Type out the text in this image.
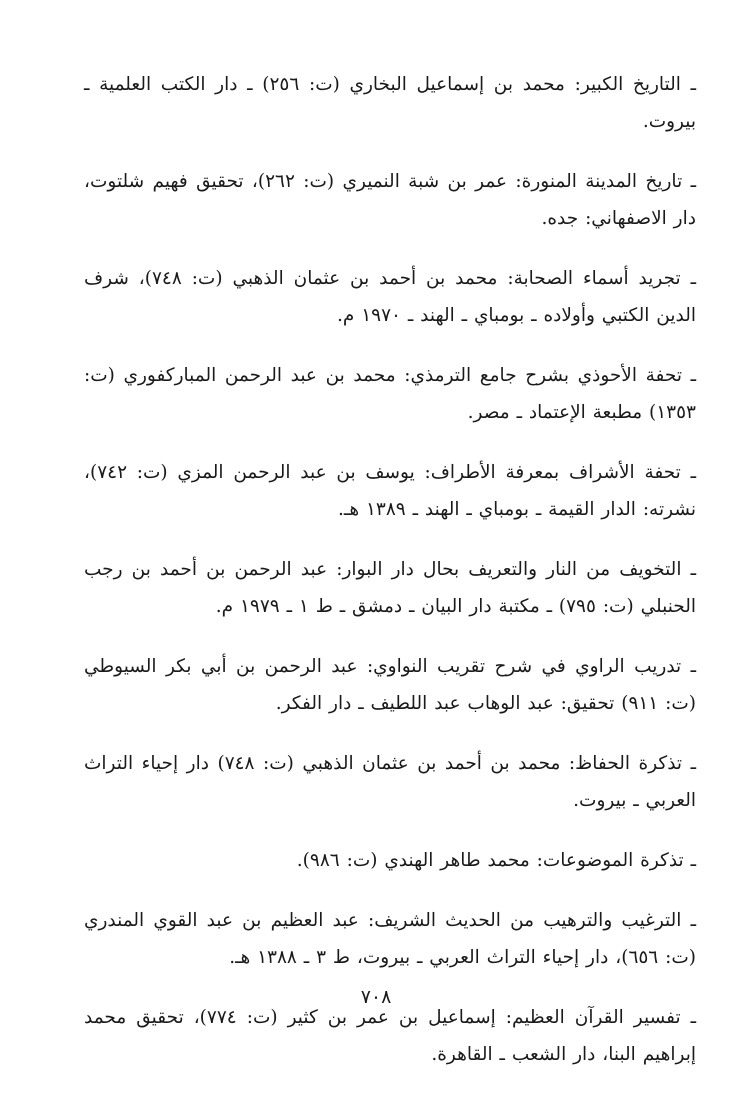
ـ التاريخ الكبير: محمد بن إسماعيل البخاري (ت: ٢٥٦) ـ دار الكتب العلمية ـ بيروت.

ـ تاريخ المدينة المنورة: عمر بن شبة النميري (ت: ٢٦٢)، تحقيق فهيم شلتوت، دار الاصفهاني: جده.

ـ تجريد أسماء الصحابة: محمد بن أحمد بن عثمان الذهبي (ت: ٧٤٨)، شرف الدين الكتبي وأولاده ـ بومباي ـ الهند ـ ١٩٧٠ م.

ـ تحفة الأحوذي بشرح جامع الترمذي: محمد بن عبد الرحمن المباركفوري (ت: ١٣٥٣) مطبعة الإعتماد ـ مصر.

ـ تحفة الأشراف بمعرفة الأطراف: يوسف بن عبد الرحمن المزي (ت: ٧٤٢)، نشرته: الدار القيمة ـ بومباي ـ الهند ـ ١٣٨٩ هـ.

ـ التخويف من النار والتعريف بحال دار البوار: عبد الرحمن بن أحمد بن رجب الحنبلي (ت: ٧٩٥) ـ مكتبة دار البيان ـ دمشق ـ ط ١ ـ ١٩٧٩ م.

ـ تدريب الراوي في شرح تقريب النواوي: عبد الرحمن بن أبي بكر السيوطي (ت: ٩١١) تحقيق: عبد الوهاب عبد اللطيف ـ دار الفكر.

ـ تذكرة الحفاظ: محمد بن أحمد بن عثمان الذهبي (ت: ٧٤٨) دار إحياء التراث العربي ـ بيروت.

ـ تذكرة الموضوعات: محمد طاهر الهندي (ت: ٩٨٦).

ـ الترغيب والترهيب من الحديث الشريف: عبد العظيم بن عبد القوي المندري (ت: ٦٥٦)، دار إحياء التراث العربي ـ بيروت، ط ٣ ـ ١٣٨٨ هـ.

ـ تفسير القرآن العظيم: إسماعيل بن عمر بن كثير (ت: ٧٧٤)، تحقيق محمد إبراهيم البنا، دار الشعب ـ القاهرة.

٧٠٨
